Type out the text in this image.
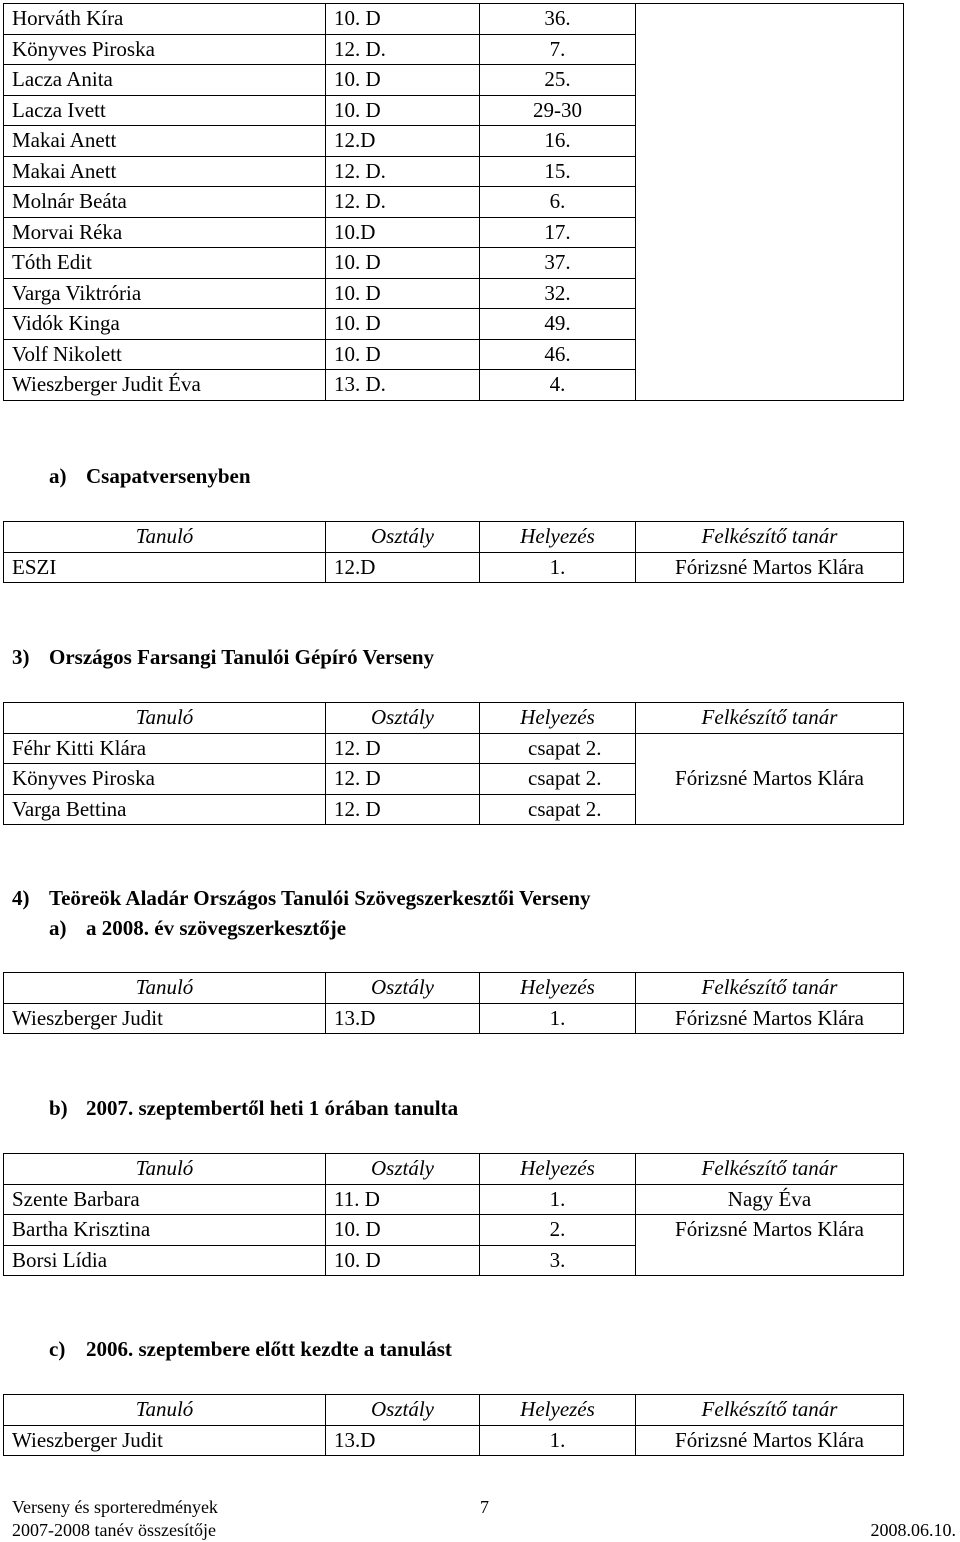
Horváth Kíra	10. D	36.	
Könyves Piroska	12. D.	7.	
Lacza Anita	10. D	25.	
Lacza Ivett	10. D	29-30	
Makai Anett	12.D	16.	
Makai Anett	12. D.	15.	
Molnár Beáta	12. D.	6.	
Morvai Réka	10.D	17.	
Tóth Edit	10. D	37.	
Varga Viktrória	10. D	32.	
Vidók Kinga	10. D	49.	
Volf Nikolett	10. D	46.	
Wieszberger Judit Éva	13. D.	4.	
a) Csapatversenyben
Tanuló	Osztály	Helyezés	Felkészítő tanár
ESZI	12.D	1.	Fórizsné Martos Klára
3) Országos Farsangi Tanulói Gépíró Verseny
Tanuló	Osztály	Helyezés	Felkészítő tanár
Féhr Kitti Klára	12. D	csapat 2.	Fórizsné Martos Klára
Könyves Piroska	12. D	csapat 2.	
Varga Bettina	12. D	csapat 2.	
4) Teöreök Aladár Országos Tanulói Szövegszerkesztői Verseny
a) a 2008. év szövegszerkesztője
Tanuló	Osztály	Helyezés	Felkészítő tanár
Wieszberger Judit	13.D	1.	Fórizsné Martos Klára
b) 2007. szeptembertől heti 1 órában tanulta
Tanuló	Osztály	Helyezés	Felkészítő tanár
Szente Barbara	11. D	1.	Nagy Éva
Bartha Krisztina	10. D	2.	Fórizsné Martos Klára
Borsi Lídia	10. D	3.	
c) 2006. szeptembere előtt kezdte a tanulást
Tanuló	Osztály	Helyezés	Felkészítő tanár
Wieszberger Judit	13.D	1.	Fórizsné Martos Klára
Verseny és sporteredmények	7
2007-2008 tanév összesítője	2008.06.10.
